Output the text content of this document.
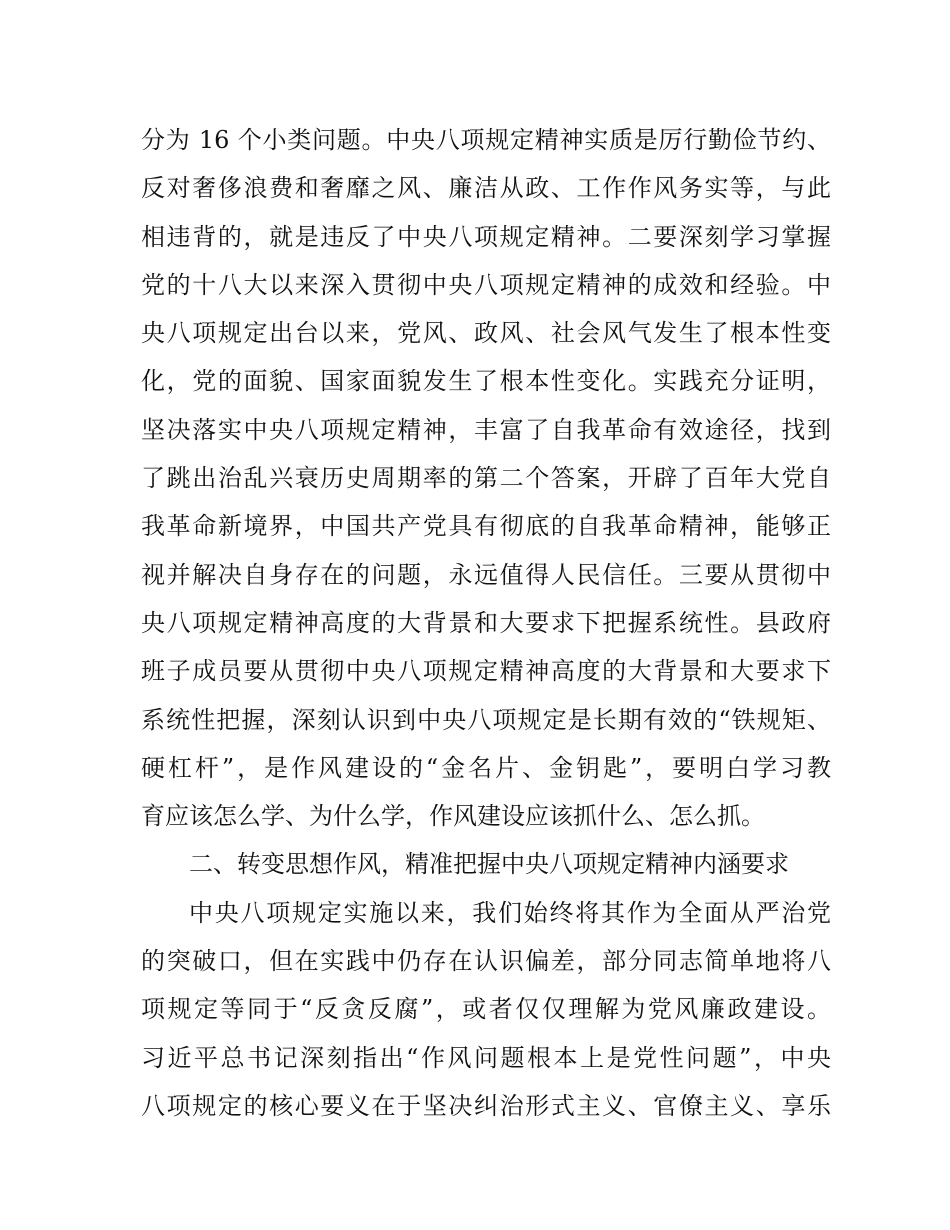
分为 16 个小类问题。中央八项规定精神实质是厉行勤俭节约、
反对奢侈浪费和奢靡之风、廉洁从政、工作作风务实等，与此
相违背的，就是违反了中央八项规定精神。二要深刻学习掌握
党的十八大以来深入贯彻中央八项规定精神的成效和经验。中
央八项规定出台以来，党风、政风、社会风气发生了根本性变
化，党的面貌、国家面貌发生了根本性变化。实践充分证明，
坚决落实中央八项规定精神，丰富了自我革命有效途径，找到
了跳出治乱兴衰历史周期率的第二个答案，开辟了百年大党自
我革命新境界，中国共产党具有彻底的自我革命精神，能够正
视并解决自身存在的问题，永远值得人民信任。三要从贯彻中
央八项规定精神高度的大背景和大要求下把握系统性。县政府
班子成员要从贯彻中央八项规定精神高度的大背景和大要求下
系统性把握，深刻认识到中央八项规定是长期有效的“铁规矩、
硬杠杆”，是作风建设的“金名片、金钥匙”，要明白学习教
育应该怎么学、为什么学，作风建设应该抓什么、怎么抓。
二、转变思想作风，精准把握中央八项规定精神内涵要求
中央八项规定实施以来，我们始终将其作为全面从严治党
的突破口，但在实践中仍存在认识偏差，部分同志简单地将八
项规定等同于“反贪反腐”，或者仅仅理解为党风廉政建设。
习近平总书记深刻指出“作风问题根本上是党性问题”，中央
八项规定的核心要义在于坚决纠治形式主义、官僚主义、享乐
